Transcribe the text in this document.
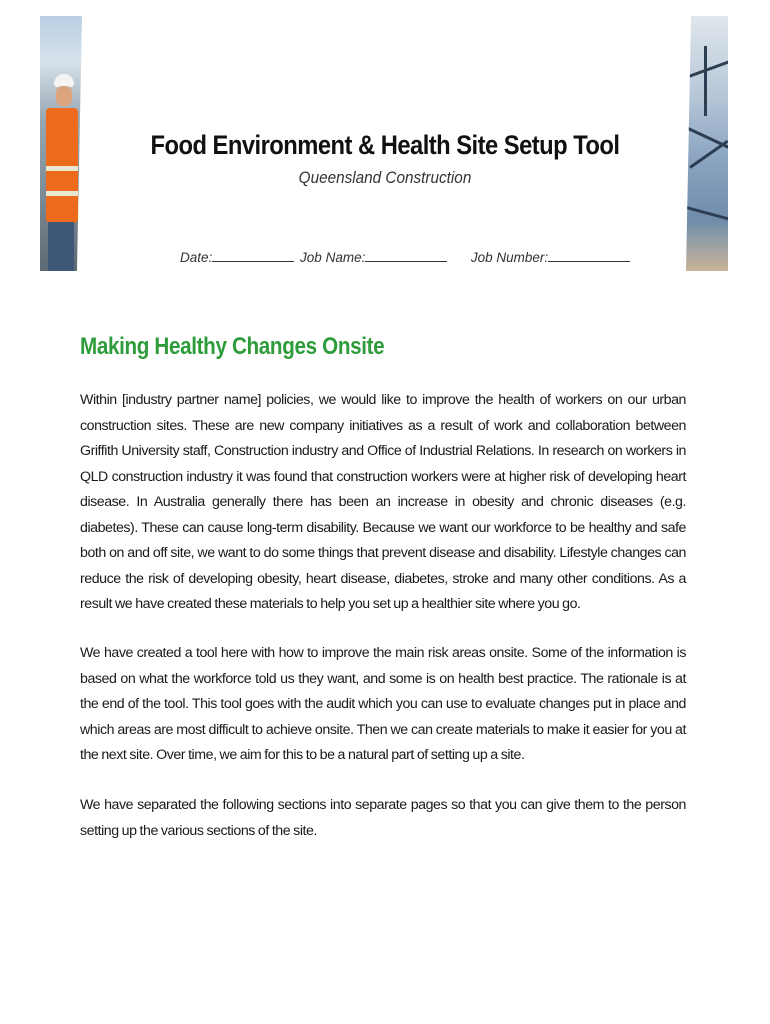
Food Environment & Health Site Setup Tool
Queensland Construction
Date:	Job Name:	Job Number:
Making Healthy Changes Onsite
Within [industry partner name] policies, we would like to improve the health of workers on our urban construction sites. These are new company initiatives as a result of work and collaboration between Griffith University staff, Construction industry and Office of Industrial Relations. In research on workers in QLD construction industry it was found that construction workers were at higher risk of developing heart disease. In Australia generally there has been an increase in obesity and chronic diseases (e.g. diabetes). These can cause long-term disability. Because we want our workforce to be healthy and safe both on and off site, we want to do some things that prevent disease and disability. Lifestyle changes can reduce the risk of developing obesity, heart disease, diabetes, stroke and many other conditions. As a result we have created these materials to help you set up a healthier site where you go.
We have created a tool here with how to improve the main risk areas onsite. Some of the information is based on what the workforce told us they want, and some is on health best practice. The rationale is at the end of the tool. This tool goes with the audit which you can use to evaluate changes put in place and which areas are most difficult to achieve onsite. Then we can create materials to make it easier for you at the next site. Over time, we aim for this to be a natural part of setting up a site.
We have separated the following sections into separate pages so that you can give them to the person setting up the various sections of the site.
